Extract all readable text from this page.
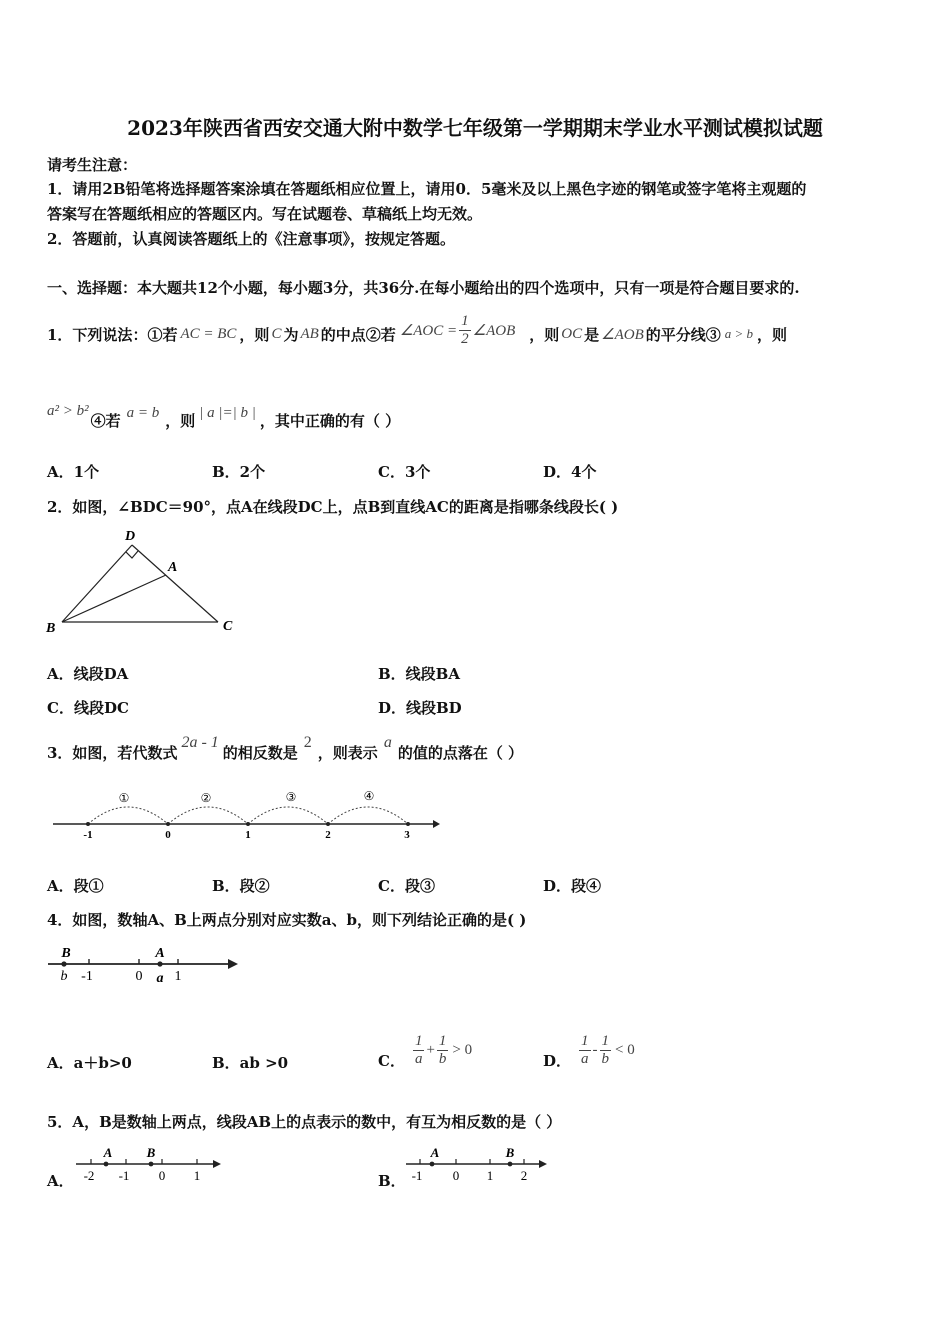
2023年陕西省西安交通大附中数学七年级第一学期期末学业水平测试模拟试题
请考生注意：
1．请用2B铅笔将选择题答案涂填在答题纸相应位置上，请用0．5毫米及以上黑色字迹的钢笔或签字笔将主观题的
答案写在答题纸相应的答题区内。写在试题卷、草稿纸上均无效。
2．答题前，认真阅读答题纸上的《注意事项》，按规定答题。
一、选择题：本大题共12个小题，每小题3分，共36分.在每小题给出的四个选项中，只有一项是符合题目要求的.
1．下列说法：①若 AC = BC ，则 C 为 AB 的中点②若 ∠AOC = $\frac{1}{2}$ ∠AOB ，则 OC 是 ∠AOB 的平分线③ a > b ，则
a² > b²
④若 a = b ，则 | a |=| b | ，其中正确的有（ ）
A．1个	B．2个	C．3个	D．4个
2．如图，∠BDC＝90°，点A在线段DC上，点B到直线AC的距离是指哪条线段长( )
D
A
B	C
A．线段DA	B．线段BA
C．线段DC	D．线段BD
3．如图，若代数式
2a - 1
的相反数是
2
，则表示
a
的值的点落在（ ）
①	②	③	④
-1	0	1	2	3
A．段①	B．段②	C．段③	D．段④
4．如图，数轴A、B上两点分别对应实数a、b，则下列结论正确的是( )
B	A
b -1	0 a 1
A．a＋b>0	B．ab >0	C． $\frac{1}{a} + \frac{1}{b} > 0$
D． $\frac{1}{a} - \frac{1}{b} < 0$
5．A，B是数轴上两点，线段AB上的点表示的数中，有互为相反数的是（ ）
A．
A	B
-2 -1 0 1	B．
A	B
-1 0 1 2
